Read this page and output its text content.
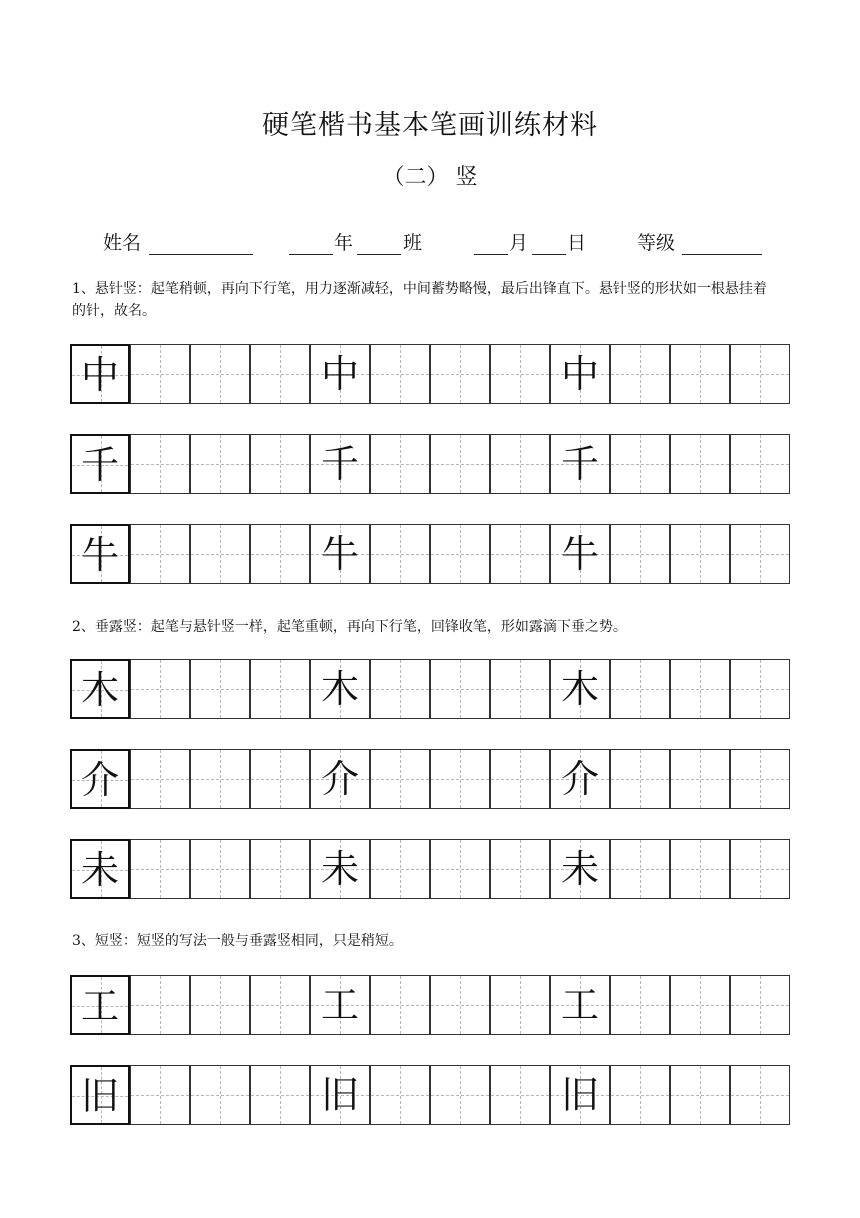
硬笔楷书基本笔画训练材料
（二） 竖
姓名	年	班	月 日	等级
1、悬针竖：起笔稍顿，再向下行笔，用力逐渐减轻，中间蓄势略慢，最后出锋直下。悬针竖的形状如一根悬挂着的针，故名。
中	中	中
千	千	千
牛	牛	牛
2、垂露竖：起笔与悬针竖一样，起笔重顿，再向下行笔，回锋收笔，形如露滴下垂之势。
木	木	木
介	介	介
未	未	未
3、短竖：短竖的写法一般与垂露竖相同，只是稍短。
工	工	工
旧	旧	旧
